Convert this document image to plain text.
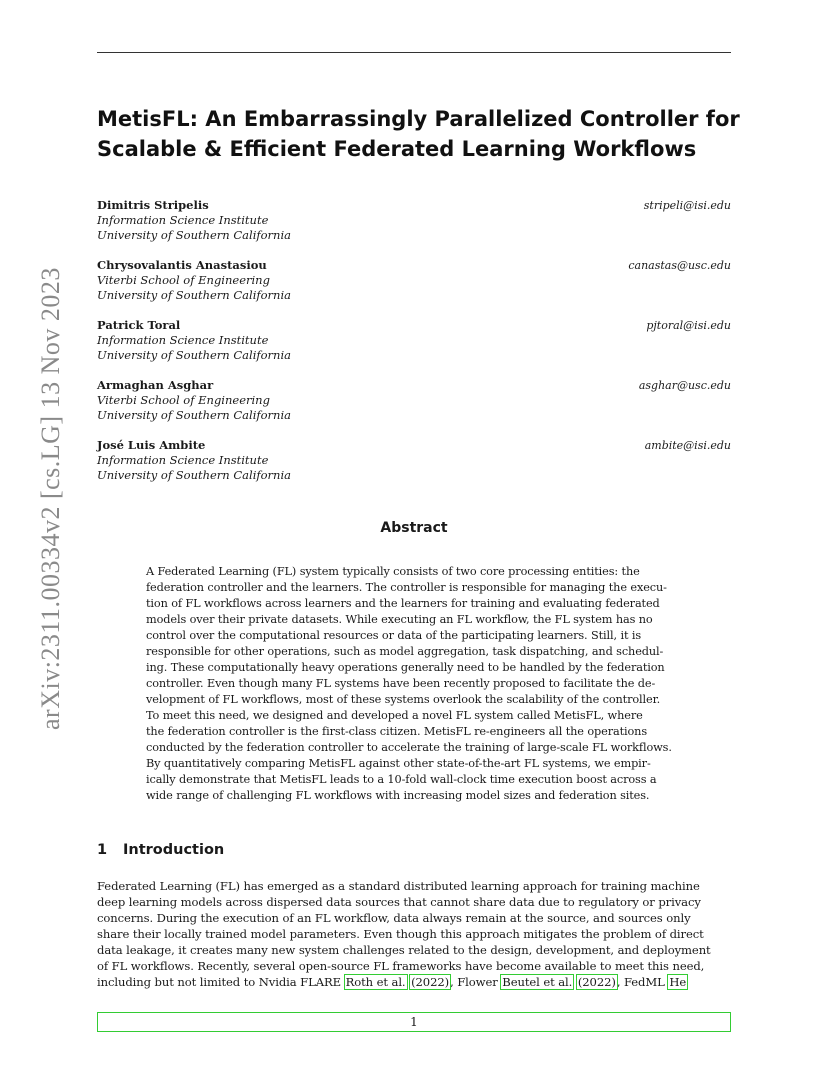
arXiv:2311.00334v2 [cs.LG] 13 Nov 2023
MetisFL: An Embarrassingly Parallelized Controller for
Scalable & Efficient Federated Learning Workflows
Dimitris Stripelis
Information Science Institute
University of Southern California
stripeli@isi.edu
Chrysovalantis Anastasiou
Viterbi School of Engineering
University of Southern California
canastas@usc.edu
Patrick Toral
Information Science Institute
University of Southern California
pjtoral@isi.edu
Armaghan Asghar
Viterbi School of Engineering
University of Southern California
asghar@usc.edu
José Luis Ambite
Information Science Institute
University of Southern California
ambite@isi.edu
Abstract
A Federated Learning (FL) system typically consists of two core processing entities: the
federation controller and the learners. The controller is responsible for managing the execu-
tion of FL workflows across learners and the learners for training and evaluating federated
models over their private datasets. While executing an FL workflow, the FL system has no
control over the computational resources or data of the participating learners. Still, it is
responsible for other operations, such as model aggregation, task dispatching, and schedul-
ing. These computationally heavy operations generally need to be handled by the federation
controller. Even though many FL systems have been recently proposed to facilitate the de-
velopment of FL workflows, most of these systems overlook the scalability of the controller.
To meet this need, we designed and developed a novel FL system called MetisFL, where
the federation controller is the first-class citizen. MetisFL re-engineers all the operations
conducted by the federation controller to accelerate the training of large-scale FL workflows.
By quantitatively comparing MetisFL against other state-of-the-art FL systems, we empir-
ically demonstrate that MetisFL leads to a 10-fold wall-clock time execution boost across a
wide range of challenging FL workflows with increasing model sizes and federation sites.
1 Introduction
Federated Learning (FL) has emerged as a standard distributed learning approach for training machine
deep learning models across dispersed data sources that cannot share data due to regulatory or privacy
concerns. During the execution of an FL workflow, data always remain at the source, and sources only
share their locally trained model parameters. Even though this approach mitigates the problem of direct
data leakage, it creates many new system challenges related to the design, development, and deployment
of FL workflows. Recently, several open-source FL frameworks have become available to meet this need,
including but not limited to Nvidia FLARE Roth et al. (2022), Flower Beutel et al. (2022), FedML He
1
